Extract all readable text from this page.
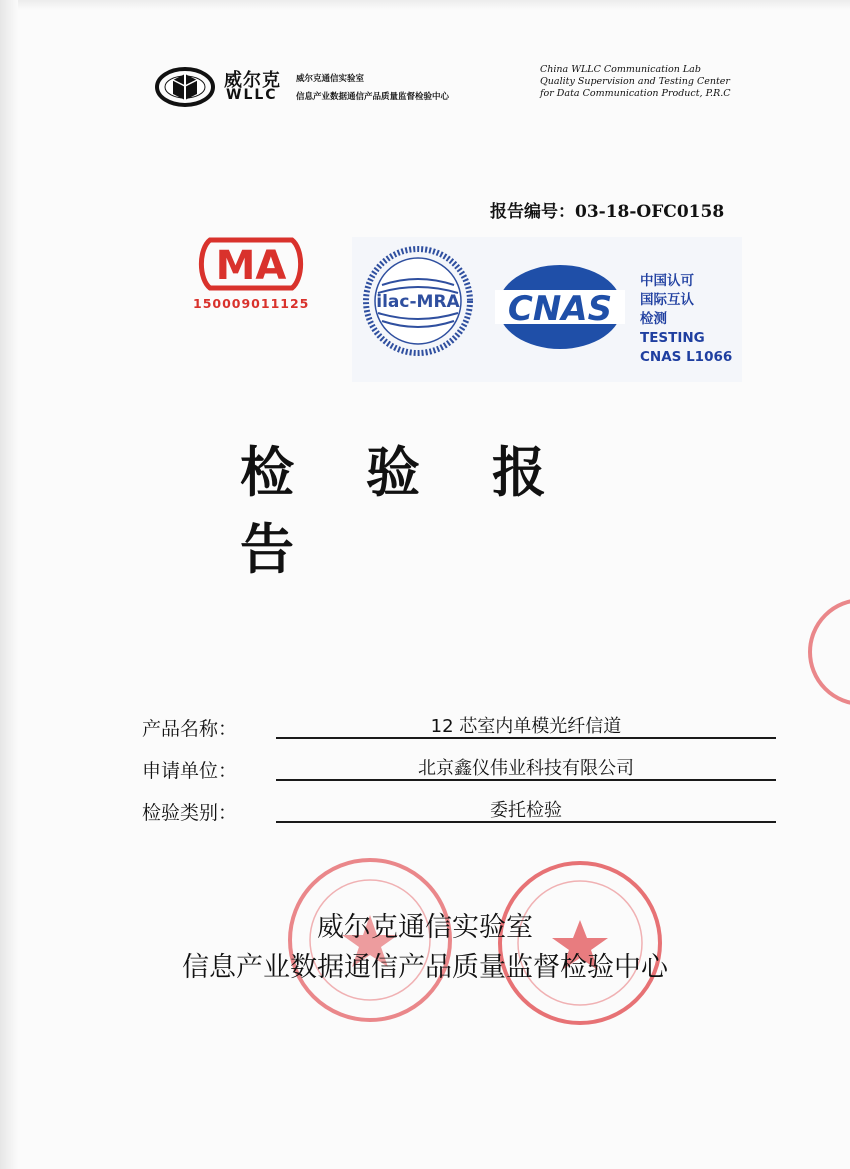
威尔克
WLLC
威尔克通信实验室
信息产业数据通信产品质量监督检验中心
China WLLC Communication Lab
Quality Supervision and Testing Center
for Data Communication Product, P.R.C
报告编号：03-18-OFC0158
MA
150009011125	ilac-MRA CNAS
中国认可
国际互认
检测
TESTING
CNAS L1066
检验报告
产品名称：	12 芯室内单模光纤信道
申请单位：	北京鑫仪伟业科技有限公司
检验类别：	委托检验
威尔克通信实验室
信息产业数据通信产品质量监督检验中心
